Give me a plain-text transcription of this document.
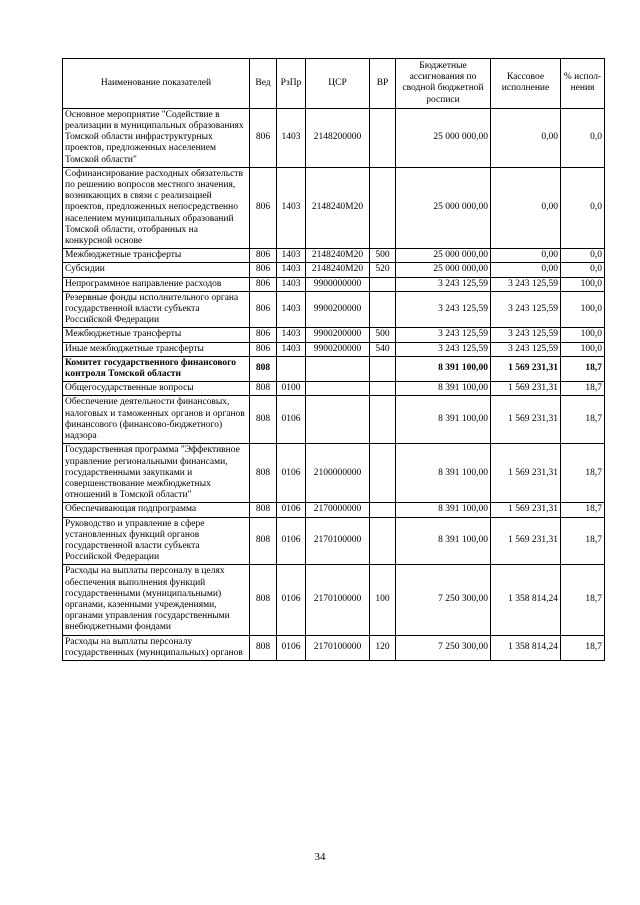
Наименование показателей	Вед	РзПр	ЦСР	ВР	Бюджетные ассигнования по сводной бюджетной росписи	Кассовое исполнение	% испол-нения
Основное мероприятие "Содействие в реализации в муниципальных образованиях Томской области инфраструктурных проектов, предложенных населением Томской области"	806	1403	2148200000		25 000 000,00	0,00	0,0
Софинансирование расходных обязательств по решению вопросов местного значения, возникающих в связи с реализацией проектов, предложенных непосредственно населением муниципальных образований Томской области, отобранных на конкурсной основе	806	1403	2148240М20		25 000 000,00	0,00	0,0
Межбюджетные трансферты	806	1403	2148240М20	500	25 000 000,00	0,00	0,0
Субсидии	806	1403	2148240М20	520	25 000 000,00	0,00	0,0
Непрограммное направление расходов	806	1403	9900000000		3 243 125,59	3 243 125,59	100,0
Резервные фонды исполнительного органа государственной власти субъекта Российской Федерации	806	1403	9900200000		3 243 125,59	3 243 125,59	100,0
Межбюджетные трансферты	806	1403	9900200000	500	3 243 125,59	3 243 125,59	100,0
Иные межбюджетные трансферты	806	1403	9900200000	540	3 243 125,59	3 243 125,59	100,0
Комитет государственного финансового контроля Томской области	808				8 391 100,00	1 569 231,31	18,7
Общегосударственные вопросы	808	0100			8 391 100,00	1 569 231,31	18,7
Обеспечение деятельности финансовых, налоговых и таможенных органов и органов финансового (финансово-бюджетного) надзора	808	0106			8 391 100,00	1 569 231,31	18,7
Государственная программа "Эффективное управление региональными финансами, государственными закупками и совершенствование межбюджетных отношений в Томской области"	808	0106	2100000000		8 391 100,00	1 569 231,31	18,7
Обеспечивающая подпрограмма	808	0106	2170000000		8 391 100,00	1 569 231,31	18,7
Руководство и управление в сфере установленных функций органов государственной власти субъекта Российской Федерации	808	0106	2170100000		8 391 100,00	1 569 231,31	18,7
Расходы на выплаты персоналу в целях обеспечения выполнения функций государственными (муниципальными) органами, казенными учреждениями, органами управления государственными внебюджетными фондами	808	0106	2170100000	100	7 250 300,00	1 358 814,24	18,7
Расходы на выплаты персоналу государственных (муниципальных) органов	808	0106	2170100000	120	7 250 300,00	1 358 814,24	18,7
34
